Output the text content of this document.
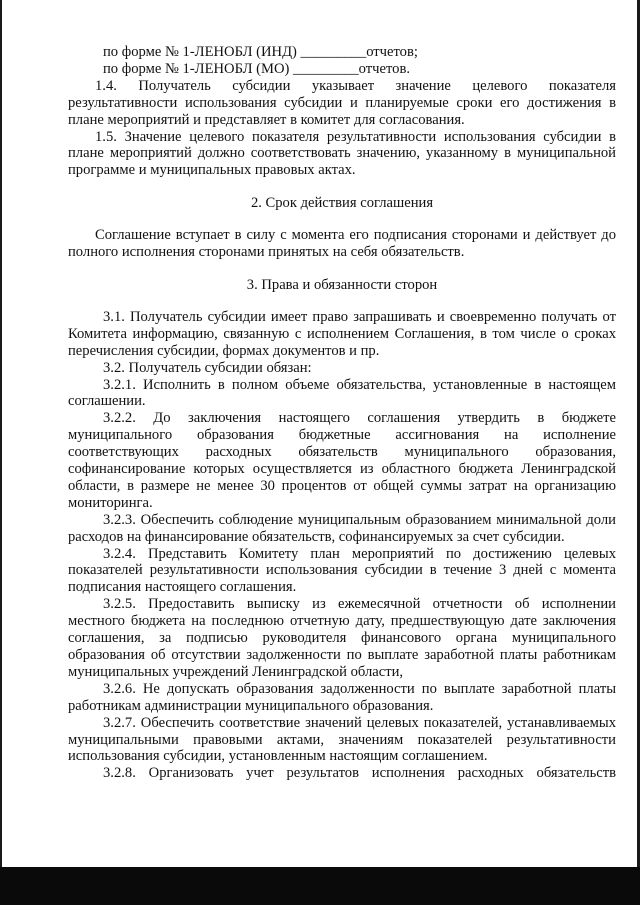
по форме № 1-ЛЕНОБЛ (ИНД) _________отчетов;

по форме № 1-ЛЕНОБЛ (МО) _________отчетов.

1.4. Получатель субсидии указывает значение целевого показателя результативности использования субсидии и планируемые сроки его достижения в плане мероприятий и представляет в комитет для согласования.

1.5. Значение целевого показателя результативности использования субсидии в плане мероприятий должно соответствовать значению, указанному в муниципальной программе и муниципальных правовых актах.

2. Срок действия соглашения

Соглашение вступает в силу с момента его подписания сторонами и действует до полного исполнения сторонами принятых на себя обязательств.

3. Права и обязанности сторон

3.1. Получатель субсидии имеет право запрашивать и своевременно получать от Комитета информацию, связанную с исполнением Соглашения, в том числе о сроках перечисления субсидии, формах документов и пр.

3.2. Получатель субсидии обязан:

3.2.1. Исполнить в полном объеме обязательства, установленные в настоящем соглашении.

3.2.2. До заключения настоящего соглашения утвердить в бюджете муниципального образования бюджетные ассигнования на исполнение соответствующих расходных обязательств муниципального образования, софинансирование которых осуществляется из областного бюджета Ленинградской области, в размере не менее 30 процентов от общей суммы затрат на организацию мониторинга.

3.2.3. Обеспечить соблюдение муниципальным образованием минимальной доли расходов на финансирование обязательств, софинансируемых за счет субсидии.

3.2.4. Представить Комитету план мероприятий по достижению целевых показателей результативности использования субсидии в течение 3 дней с момента подписания настоящего соглашения.

3.2.5. Предоставить выписку из ежемесячной отчетности об исполнении местного бюджета на последнюю отчетную дату, предшествующую дате заключения соглашения, за подписью руководителя финансового органа муниципального образования об отсутствии задолженности по выплате заработной платы работникам муниципальных учреждений Ленинградской области,

3.2.6. Не допускать образования задолженности по выплате заработной платы работникам администрации муниципального образования.

3.2.7. Обеспечить соответствие значений целевых показателей, устанавливаемых муниципальными правовыми актами, значениям показателей результативности использования субсидии, установленным настоящим соглашением.

3.2.8. Организовать учет результатов исполнения расходных обязательств
